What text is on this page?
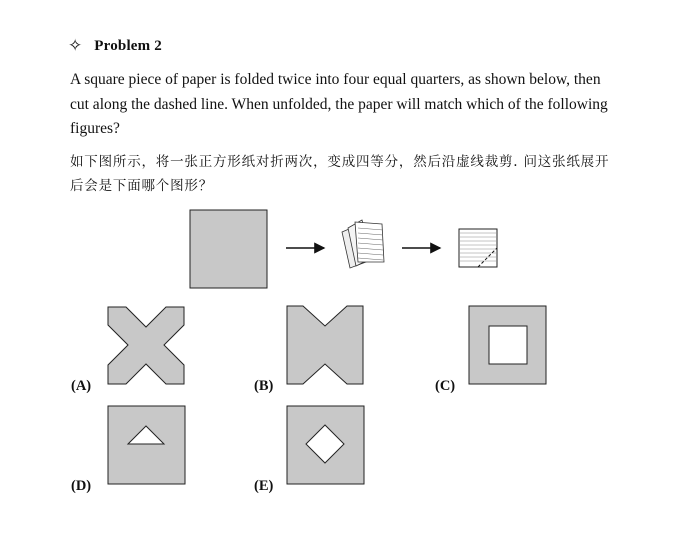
✧ Problem 2
A square piece of paper is folded twice into four equal quarters, as shown below, then cut along the dashed line. When unfolded, the paper will match which of the following figures?
如下图所示，将一张正方形纸对折两次，变成四等分，然后沿虚线裁剪. 问这张纸展开后会是下面哪个图形？
(A)	(B)	(C)
(D)	(E)
